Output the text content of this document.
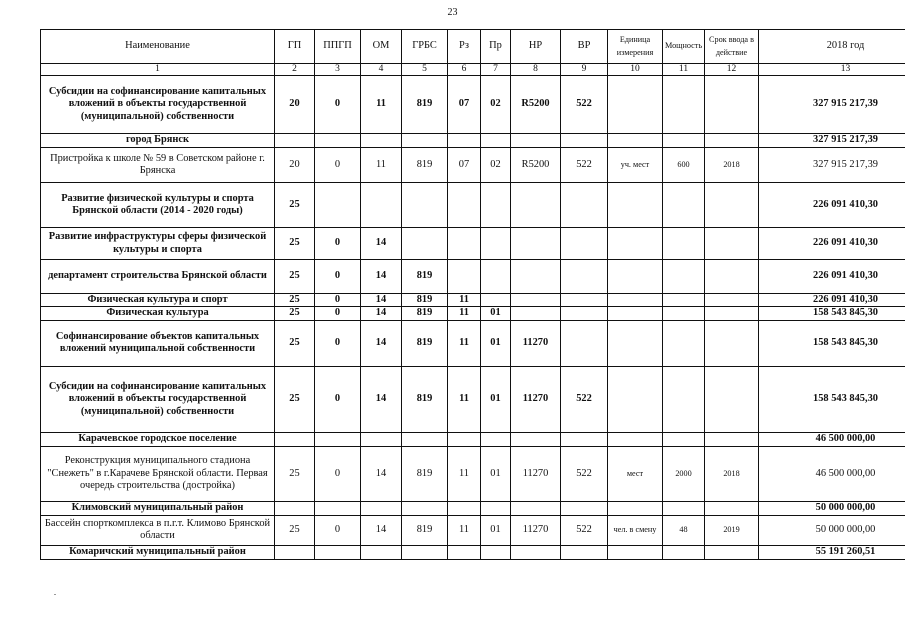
23
Наименование	ГП	ППГП	ОМ	ГРБС	Рз	Пр	НР	ВР	Единица измерения	Мощность	Срок ввода в действие	2018 год
1	2	3	4	5	6	7	8	9	10	11	12	13
Субсидии на софинансирование капитальных вложений в объекты государственной (муниципальной) собственности	20	0	11	819	07	02	R5200	522				327 915 217,39
город Брянск												327 915 217,39
Пристройка к школе № 59 в Советском районе г. Брянска	20	0	11	819	07	02	R5200	522	уч. мест	600	2018	327 915 217,39
Развитие физической культуры и спорта Брянской области (2014 - 2020 годы)	25											226 091 410,30
Развитие инфраструктуры сферы физической культуры и спорта	25	0	14									226 091 410,30
департамент строительства Брянской области	25	0	14	819								226 091 410,30
Физическая культура и спорт	25	0	14	819	11							226 091 410,30
Физическая культура	25	0	14	819	11	01						158 543 845,30
Софинансирование объектов капитальных вложений муниципальной собственности	25	0	14	819	11	01	11270					158 543 845,30
Субсидии на софинансирование капитальных вложений в объекты государственной (муниципальной) собственности	25	0	14	819	11	01	11270	522				158 543 845,30
Карачевское городское поселение												46 500 000,00
Реконструкция муниципального стадиона "Снежеть" в г.Карачеве Брянской области. Первая очередь строительства (достройка)	25	0	14	819	11	01	11270	522	мест	2000	2018	46 500 000,00
Климовский муниципальный район												50 000 000,00
Бассейн спорткомплекса в п.г.т. Климово Брянской области	25	0	14	819	11	01	11270	522	чел. в смену	48	2019	50 000 000,00
Комаричский муниципальный район												55 191 260,51
